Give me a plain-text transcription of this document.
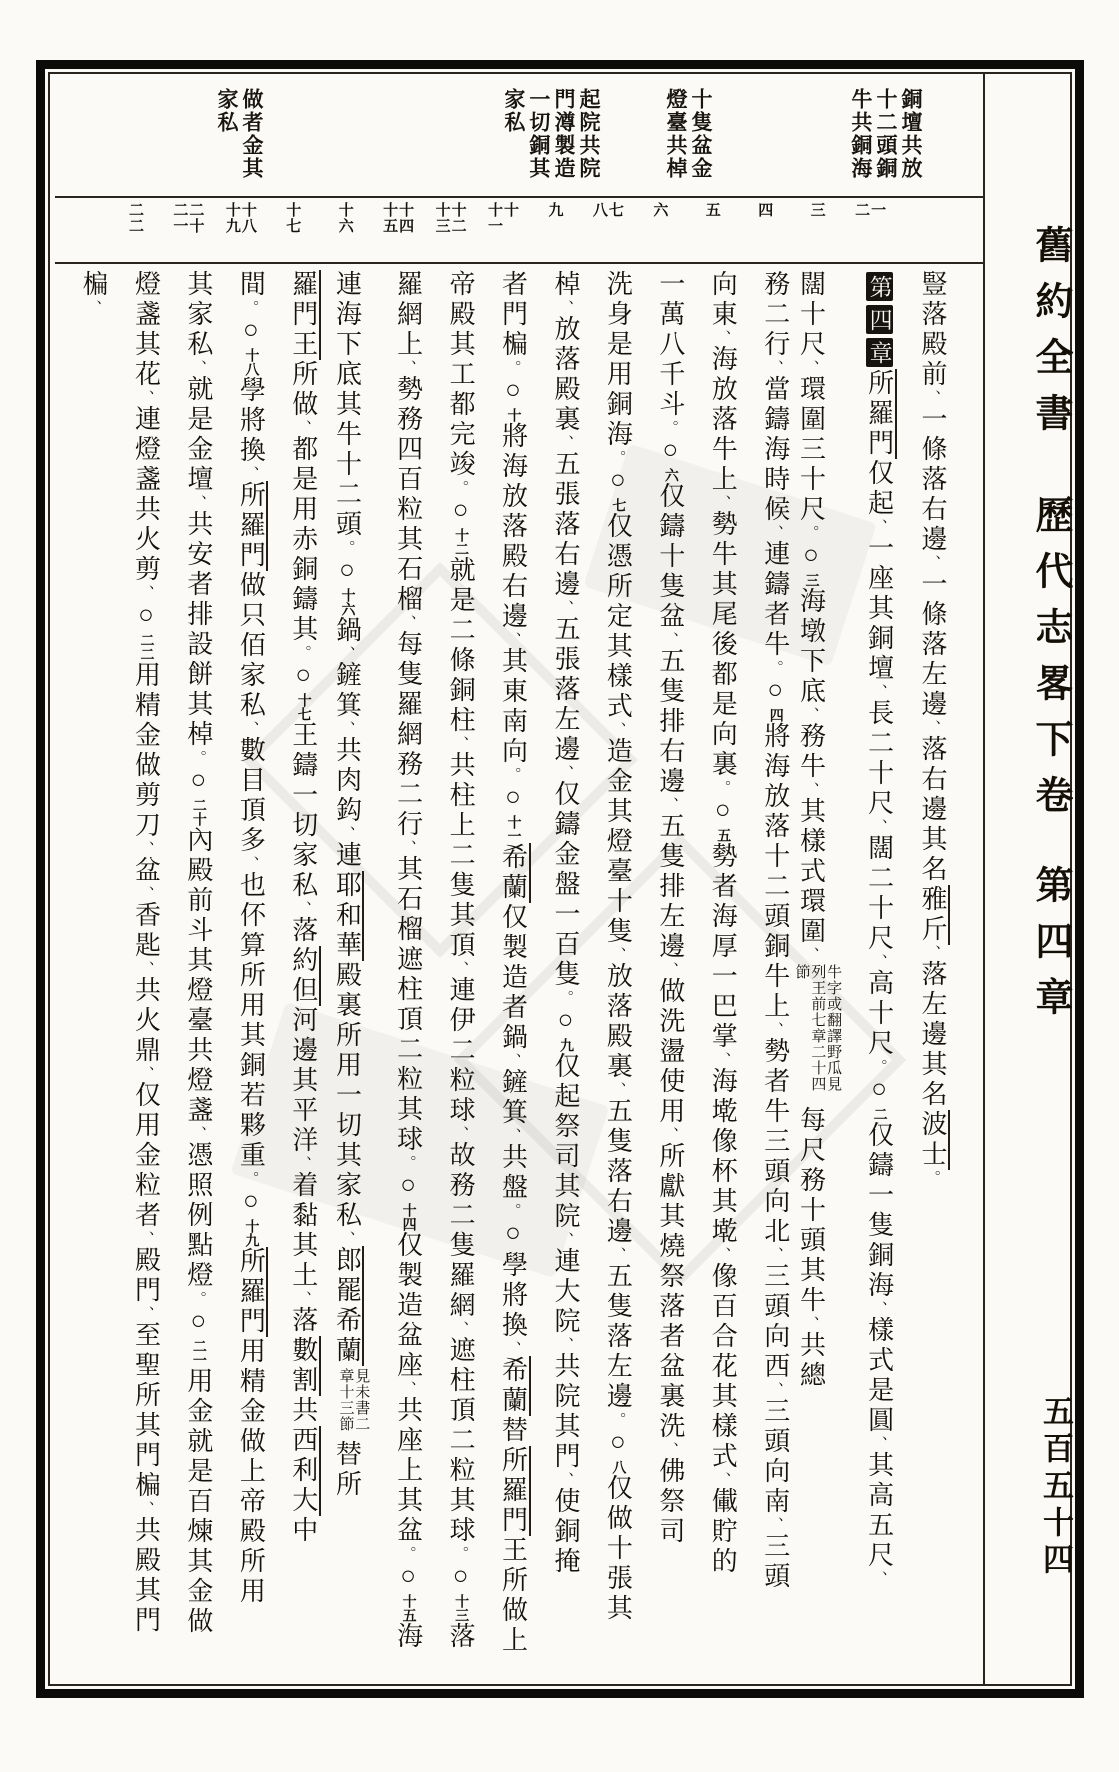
銅壇共放
十二頭銅
牛共銅海
十隻盆金
燈臺共棹
起院共院
門澊製造
一切銅其
家私
做者金其
家私
一
二
三
四
五
六
七
八
九
十
十一
十二
十三
十四
十五
十六
十七
十八
十九
二十
二一
二二
豎落殿前、一條落右邊、一條落左邊、落右邊其名雅斤、落左邊其名波士。
第四章所羅門仅起、一座其銅壇、長二十尺、闊二十尺、高十尺。○二仅鑄一隻銅海、樣式是圓、其高五尺、
闊十尺、環圍三十尺。○三海墩下底、務牛、其樣式環圍、牛字或翻譯野瓜見列王前七章二十四節每尺務十頭其牛、共總
務二行、當鑄海時候、連鑄者牛。○四將海放落十二頭銅牛上、勢者牛三頭向北、三頭向西、三頭向南、三頭
向東、海放落牛上、勢牛其尾後都是向裏。○五勢者海厚一巴掌、海墘像杯其墘、像百合花其樣式、儎貯的
一萬八千斗。○六仅鑄十隻盆、五隻排右邊、五隻排左邊、做洗盪使用、所獻其燒祭落者盆裏洗、佛祭司
洗身是用銅海。○七仅憑所定其樣式、造金其燈臺十隻、放落殿裏、五隻落右邊、五隻落左邊。○八仅做十張其
棹、放落殿裏、五張落右邊、五張落左邊、仅鑄金盤一百隻。○九仅起祭司其院、連大院、共院其門、使銅掩
者門楄。○十將海放落殿右邊、其東南向。○十一希蘭仅製造者鍋、鏟箕、共盤。○學將換、希蘭替所羅門王所做上
帝殿其工都完竣。○十二就是二條銅柱、共柱上二隻其頂、連伊二粒球、故務二隻羅網、遮柱頂二粒其球。○十三落
羅網上、勢務四百粒其石榴、每隻羅網務二行、其石榴遮柱頂二粒其球。○十四仅製造盆座、共座上其盆。○十五海
連海下底其牛十二頭。○十六鍋、鏟箕、共肉鈎、連耶和華殿裏所用一切其家私、郎罷希蘭見未書二章十三節替所
羅門王所做、都是用赤銅鑄其。○十七王鑄一切家私、落約但河邊其平洋、着黏其土、落數割共西利大中
間。○十八學將換、所羅門做只佰家私、數目頂多、也伓算所用其銅若夥重。○十九所羅門用精金做上帝殿所用
其家私、就是金壇、共安者排設餅其棹。○二十內殿前斗其燈臺共燈盞、憑照例點燈。○二一用金就是百煉其金做
燈盞其花、連燈盞共火剪、○二二用精金做剪刀、盆、香匙、共火鼎、仅用金粒者、殿門、至聖所其門楄、共殿其門
楄、	舊約全書
歷代志畧下卷
第四章
五百五十四
